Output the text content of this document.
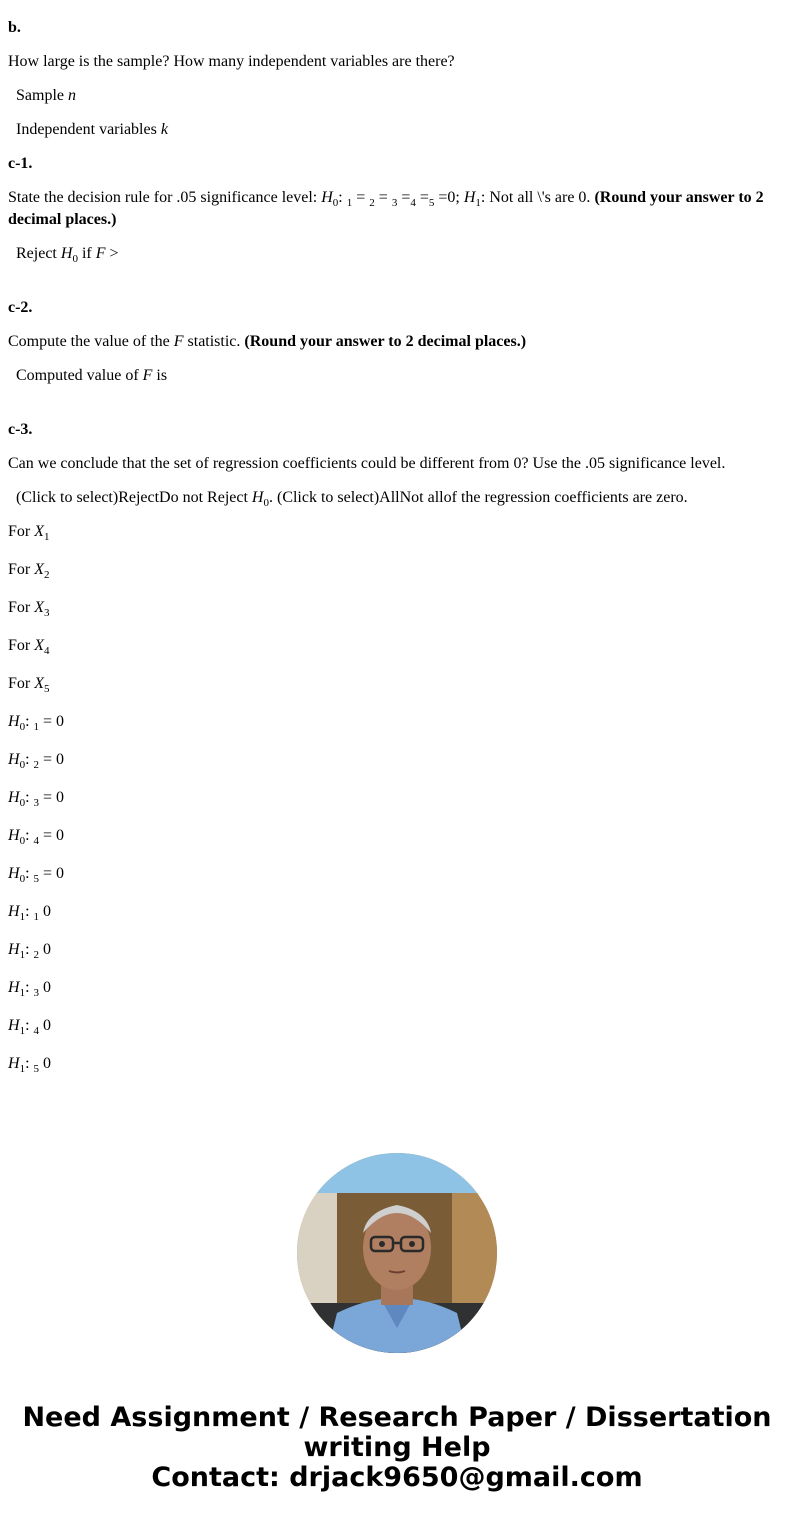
b.

How large is the sample? How many independent variables are there?

Sample n

Independent variables k

c-1.

State the decision rule for .05 significance level: $H_0$: $_1 = _2 = _3 =_4 =_5 =0$; $H_1$: Not all \'s are 0. (Round your answer to 2 decimal places.)

Reject $H_0$ if F >

c-2.

Compute the value of the F statistic. (Round your answer to 2 decimal places.)

Computed value of F is

c-3.

Can we conclude that the set of regression coefficients could be different from 0? Use the .05 significance level.

(Click to select)RejectDo not Reject $H_0$. (Click to select)AllNot allof the regression coefficients are zero.

For $X_1$

For $X_2$

For $X_3$

For $X_4$

For $X_5$

$H_0$: $_1$ = 0

$H_0$: $_2$ = 0

$H_0$: $_3$ = 0

$H_0$: $_4$ = 0

$H_0$: $_5$ = 0

$H_1$: $_1$ 0

$H_1$: $_2$ 0

$H_1$: $_3$ 0

$H_1$: $_4$ 0

$H_1$: $_5$ 0

Need Assignment / Research Paper / Dissertation
writing Help
Contact: drjack9650@gmail.com
